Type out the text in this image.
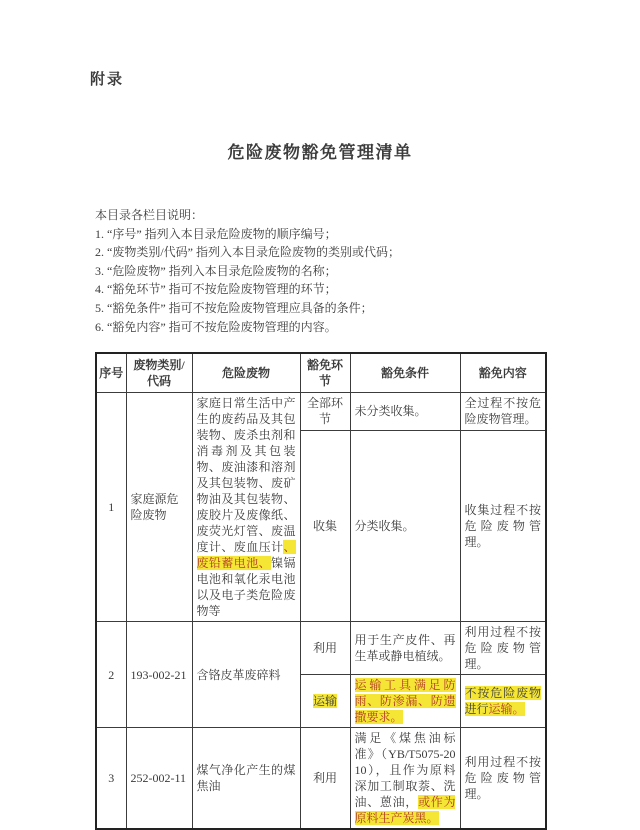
附录
危险废物豁免管理清单
本目录各栏目说明：
1. “序号” 指列入本目录危险废物的顺序编号；
2. “废物类别/代码” 指列入本目录危险废物的类别或代码；
3. “危险废物” 指列入本目录危险废物的名称；
4. “豁免环节” 指可不按危险废物管理的环节；
5. “豁免条件” 指可不按危险废物管理应具备的条件；
6. “豁免内容” 指可不按危险废物管理的内容。
序号	废物类别/代码	危险废物	豁免环节	豁免条件	豁免内容
1	家庭源危险废物	家庭日常生活中产生的废药品及其包装物、废杀虫剂和消毒剂及其包装物、废油漆和溶剂及其包装物、废矿物油及其包装物、废胶片及废像纸、废荧光灯管、废温度计、废血压计、废铅蓄电池、镍镉电池和氧化汞电池以及电子类危险废物等	全部环节	未分类收集。	全过程不按危险废物管理。
			收集	分类收集。	收集过程不按危险废物管理。
2	193-002-21	含铬皮革废碎料	利用	用于生产皮件、再生革或静电植绒。	利用过程不按危险废物管理。
			运输	运输工具满足防雨、防渗漏、防遗撒要求。	不按危险废物进行运输。
3	252-002-11	煤气净化产生的煤焦油	利用	满足《煤焦油标准》（YB/T5075-2010），且作为原料深加工制取萘、洗油、蒽油，或作为原料生产炭黑。	利用过程不按危险废物管理。
